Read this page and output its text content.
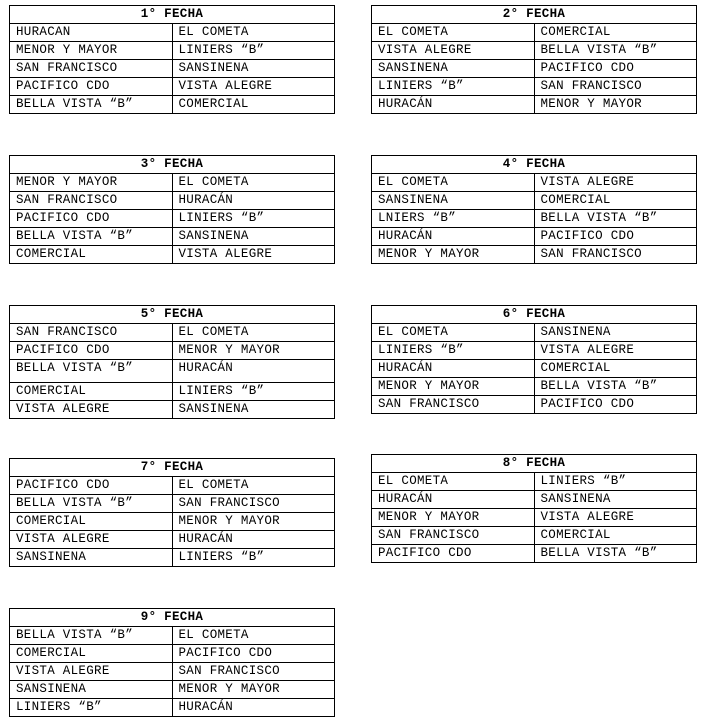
1° FECHA	
HURACAN	EL COMETA
MENOR Y MAYOR	LINIERS “B”
SAN FRANCISCO	SANSINENA
PACIFICO CDO	VISTA ALEGRE
BELLA VISTA “B”	COMERCIAL
2° FECHA	
EL COMETA	COMERCIAL
VISTA ALEGRE	BELLA VISTA “B”
SANSINENA	PACIFICO CDO
LINIERS “B”	SAN FRANCISCO
HURACÁN	MENOR Y MAYOR
3° FECHA	
MENOR Y MAYOR	EL COMETA
SAN FRANCISCO	HURACÁN
PACIFICO CDO	LINIERS “B”
BELLA VISTA “B”	SANSINENA
COMERCIAL	VISTA ALEGRE
4° FECHA	
EL COMETA	VISTA ALEGRE
SANSINENA	COMERCIAL
LNIERS “B”	BELLA VISTA “B”
HURACÁN	PACIFICO CDO
MENOR Y MAYOR	SAN FRANCISCO
5° FECHA	
SAN FRANCISCO	EL COMETA
PACIFICO CDO	MENOR Y MAYOR
BELLA VISTA “B”	HURACÁN
COMERCIAL	LINIERS “B”
VISTA ALEGRE	SANSINENA
6° FECHA	
EL COMETA	SANSINENA
LINIERS “B”	VISTA ALEGRE
HURACÁN	COMERCIAL
MENOR Y MAYOR	BELLA VISTA “B”
SAN FRANCISCO	PACIFICO CDO
7° FECHA	
PACIFICO CDO	EL COMETA
BELLA VISTA “B”	SAN FRANCISCO
COMERCIAL	MENOR Y MAYOR
VISTA ALEGRE	HURACÁN
SANSINENA	LINIERS “B”
8° FECHA	
EL COMETA	LINIERS “B”
HURACÁN	SANSINENA
MENOR Y MAYOR	VISTA ALEGRE
SAN FRANCISCO	COMERCIAL
PACIFICO CDO	BELLA VISTA “B”
9° FECHA	
BELLA VISTA “B”	EL COMETA
COMERCIAL	PACIFICO CDO
VISTA ALEGRE	SAN FRANCISCO
SANSINENA	MENOR Y MAYOR
LINIERS “B”	HURACÁN
